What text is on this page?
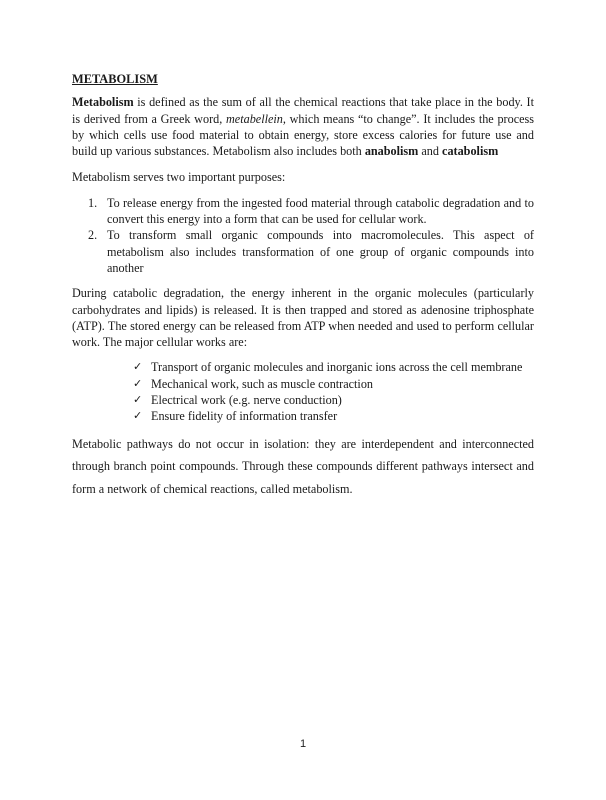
METABOLISM

Metabolism is defined as the sum of all the chemical reactions that take place in the body. It is derived from a Greek word, metabellein, which means “to change”. It includes the process by which cells use food material to obtain energy, store excess calories for future use and build up various substances. Metabolism also includes both anabolism and catabolism

Metabolism serves two important purposes:

1. To release energy from the ingested food material through catabolic degradation and to convert this energy into a form that can be used for cellular work.
2. To transform small organic compounds into macromolecules. This aspect of metabolism also includes transformation of one group of organic compounds into another

During catabolic degradation, the energy inherent in the organic molecules (particularly carbohydrates and lipids) is released. It is then trapped and stored as adenosine triphosphate (ATP). The stored energy can be released from ATP when needed and used to perform cellular work. The major cellular works are:

✓ Transport of organic molecules and inorganic ions across the cell membrane
✓ Mechanical work, such as muscle contraction
✓ Electrical work (e.g. nerve conduction)
✓ Ensure fidelity of information transfer

Metabolic pathways do not occur in isolation: they are interdependent and interconnected through branch point compounds. Through these compounds different pathways intersect and form a network of chemical reactions, called metabolism.

1
